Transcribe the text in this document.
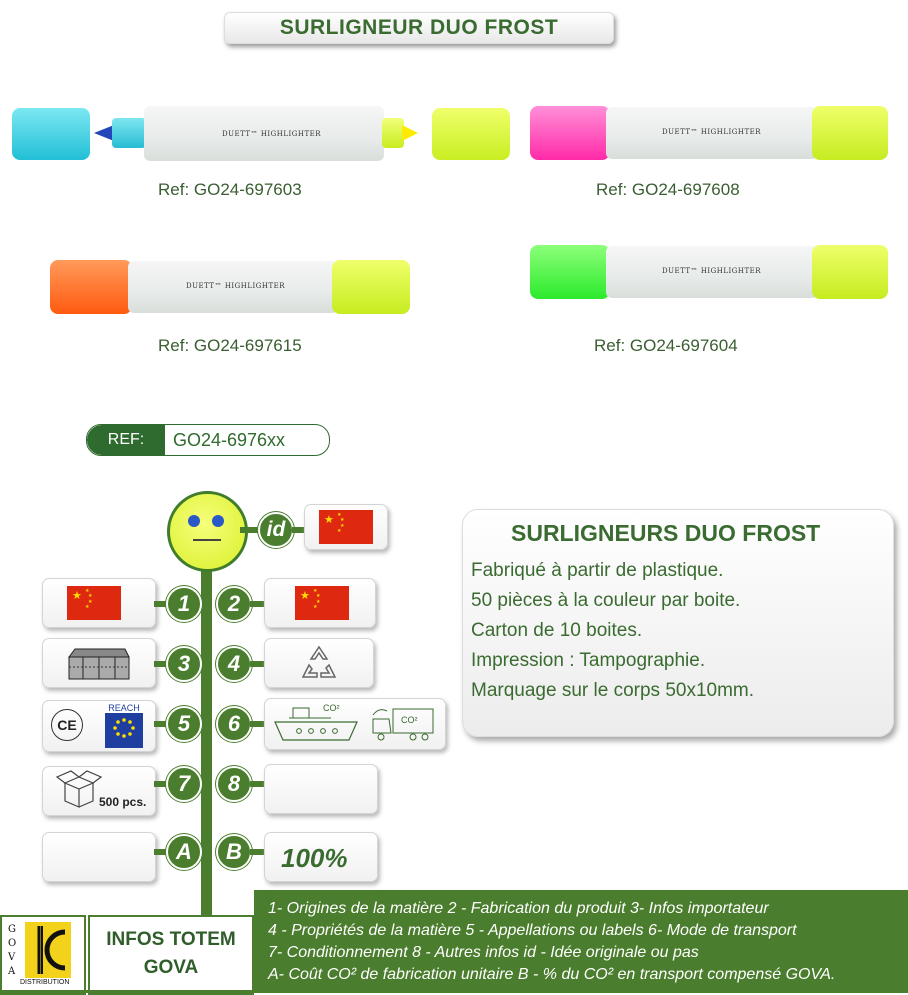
SURLIGNEUR DUO FROST
DUETT™ HIGHLIGHTER
Ref: GO24-697603
DUETT™ HIGHLIGHTER
Ref: GO24-697608
DUETT™ HIGHLIGHTER
Ref: GO24-697615
DUETT™ HIGHLIGHTER
Ref: GO24-697604
REF:	GO24-6976xx
id	★ ★
★
★
★
★ ★
★
★
★	1	2	★ ★
★
★
★
3	4
CE
REACH
5	6
CO²
CO²
500 pcs.
7	8
A	B	100%
SURLIGNEURS DUO FROST
Fabriqué à partir de plastique.
50 pièces à la couleur par boite.
Carton de 10 boites.
Impression : Tampographie.
Marquage sur le corps 50x10mm.
1- Origines de la matière 2 - Fabrication du produit 3- Infos importateur
4 - Propriétés de la matière 5 - Appellations ou labels 6- Mode de transport
7- Conditionnement 8 - Autres infos id - Idée originale ou pas
A- Coût CO² de fabrication unitaire B - % du CO² en transport compensé GOVA.
INFOS TOTEM
GOVA
GOVA
DISTRIBUTION
